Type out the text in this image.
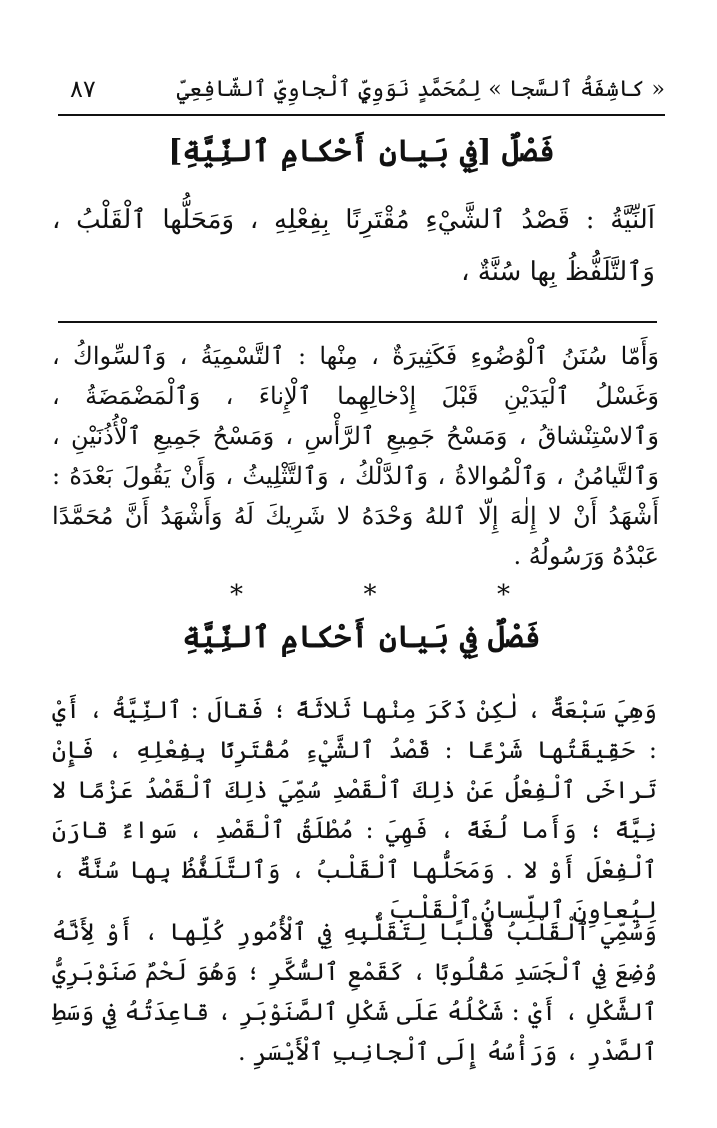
٨٧	« كاشِفَةُ ٱلسَّجا » لِمُحَمَّدٍ نَوَوِيٍّ ٱلْجاوِيِّ ٱلشّافِعِيِّ
فَصْلٌ [فِي بَيانِ أَحْكامِ ٱلنِّيَّةِ]
اَلنِّيَّةُ : قَصْدُ ٱلشَّيْءِ مُقْتَرِنًا بِفِعْلِهِ ، وَمَحَلُّها ٱلْقَلْبُ ، وَٱلتَّلَفُّظُ بِها سُنَّةٌ ،
وَأَمّا سُنَنُ ٱلْوُضُوءِ فَكَثِيرَةٌ ، مِنْها : ٱلتَّسْمِيَةُ ، وَٱلسِّواكُ ، وَغَسْلُ ٱلْيَدَيْنِ قَبْلَ إِدْخالِهِما ٱلْإِناءَ ، وَٱلْمَضْمَضَةُ ، وَٱلاسْتِنْشاقُ ، وَمَسْحُ جَمِيعِ ٱلرَّأْسِ ، وَمَسْحُ جَمِيعِ ٱلْأُذُنَيْنِ ، وَٱلتَّيامُنُ ، وَٱلْمُوالاةُ ، وَٱلدَّلْكُ ، وَٱلتَّثْلِيثُ ، وَأَنْ يَقُولَ بَعْدَهُ : أَشْهَدُ أَنْ لا إِلٰهَ إِلّا ٱللهُ وَحْدَهُ لا شَرِيكَ لَهُ وَأَشْهَدُ أَنَّ مُحَمَّدًا عَبْدُهُ وَرَسُولُهُ .
*	*	*
فَصْلٌ فِي بَيانِ أَحْكامِ ٱلنِّيَّةِ
وَهِيَ سَبْعَةٌ ، لٰكِنْ ذَكَرَ مِنْها ثَلاثَةً ؛ فَقالَ : ٱلنِّيَّةُ ، أَيْ : حَقِيقَتُها شَرْعًا : قَصْدُ ٱلشَّيْءِ مُقْتَرِنًا بِفِعْلِهِ ، فَإِنْ تَراخَى ٱلْفِعْلُ عَنْ ذٰلِكَ ٱلْقَصْدِ سُمِّيَ ذٰلِكَ ٱلْقَصْدُ عَزْمًا لا نِيَّةً ؛ وَأَما لُغَةً ، فَهِيَ : مُطْلَقُ ٱلْقَصْدِ ، سَواءٌ قارَنَ ٱلْفِعْلَ أَوْ لا . وَمَحَلُّها ٱلْقَلْبُ ، وَٱلتَّلَفُّظُ بِها سُنَّةٌ ، لِيُعاوِنَ ٱللِّسانُ ٱلْقَلْبَ .
وَسُمِّيَ ٱلْقَلْبُ قَلْبًا لِتَقَلُّبِهِ فِي ٱلْأُمُورِ كُلِّها ، أَوْ لِأَنَّهُ وُضِعَ فِي ٱلْجَسَدِ مَقْلُوبًا ، كَقَمْعِ ٱلسُّكَّرِ ؛ وَهُوَ لَحْمٌ صَنَوْبَرِيُّ ٱلشَّكْلِ ، أَيْ : شَكْلُهُ عَلَى شَكْلِ ٱلصَّنَوْبَرِ ، قاعِدَتُهُ فِي وَسَطِ ٱلصَّدْرِ ، وَرَأْسُهُ إِلَى ٱلْجانِبِ ٱلْأَيْسَرِ .
